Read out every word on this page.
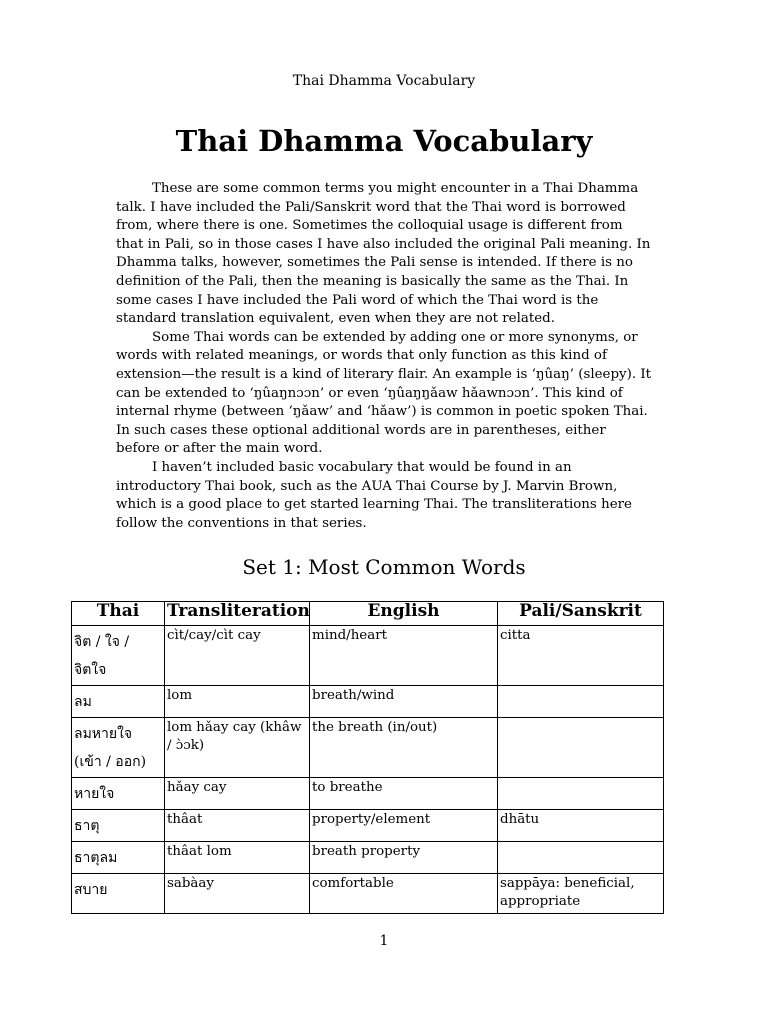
Thai Dhamma Vocabulary
Thai Dhamma Vocabulary

These are some common terms you might encounter in a Thai Dhamma talk. I have included the Pali/Sanskrit word that the Thai word is borrowed from, where there is one. Sometimes the colloquial usage is different from that in Pali, so in those cases I have also included the original Pali meaning. In Dhamma talks, however, sometimes the Pali sense is intended. If there is no definition of the Pali, then the meaning is basically the same as the Thai. In some cases I have included the Pali word of which the Thai word is the standard translation equivalent, even when they are not related.

Some Thai words can be extended by adding one or more synonyms, or words with related meanings, or words that only function as this kind of extension—the result is a kind of literary flair. An example is ‘ŋûaŋ’ (sleepy). It can be extended to ‘ŋûaŋnɔɔn’ or even ‘ŋûaŋŋǎaw hǎawnɔɔn’. This kind of internal rhyme (between ‘ŋǎaw’ and ‘hǎaw’) is common in poetic spoken Thai. In such cases these optional additional words are in parentheses, either before or after the main word.

I haven’t included basic vocabulary that would be found in an introductory Thai book, such as the AUA Thai Course by J. Marvin Brown, which is a good place to get started learning Thai. The transliterations here follow the conventions in that series.

Set 1: Most Common Words
Thai	Transliteration	English	Pali/Sanskrit
จิต / ใจ / จิตใจ	cìt/cay/cìt cay	mind/heart	citta
ลม	lom	breath/wind	
ลมหายใจ (เข้า / ออก)	lom hǎay cay (khâw / ɔ̀ɔk)	the breath (in/out)	
หายใจ	hǎay cay	to breathe	
ธาตุ	thâat	property/element	dhātu
ธาตุลม	thâat lom	breath property	
สบาย	sabàay	comfortable	sappāya: beneficial, appropriate
1
